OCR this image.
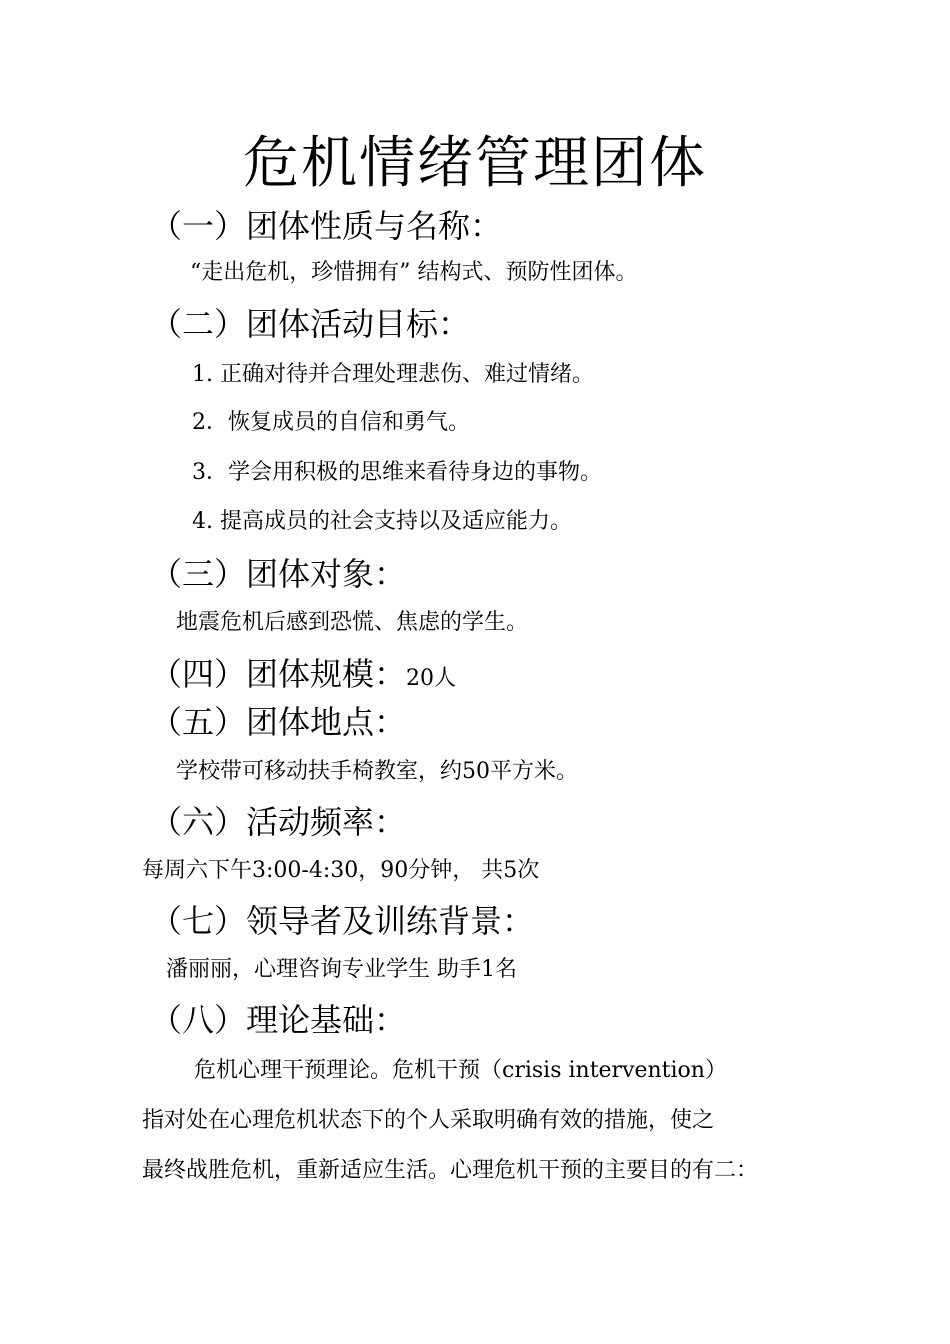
危机情绪管理团体
（一）团体性质与名称：
“走出危机，珍惜拥有” 结构式、预防性团体。
（二）团体活动目标：
1. 正确对待并合理处理悲伤、难过情绪。
2．恢复成员的自信和勇气。
3．学会用积极的思维来看待身边的事物。
4. 提高成员的社会支持以及适应能力。
（三）团体对象：
地震危机后感到恐慌、焦虑的学生。
（四）团体规模：20人
（五）团体地点：
学校带可移动扶手椅教室，约50平方米。
（六）活动频率：
每周六下午3:00-4:30，90分钟， 共5次
（七）领导者及训练背景：
潘丽丽，心理咨询专业学生 助手1名
（八）理论基础：
危机心理干预理论。危机干预（crisis intervention）
指对处在心理危机状态下的个人采取明确有效的措施，使之
最终战胜危机，重新适应生活。心理危机干预的主要目的有二：
